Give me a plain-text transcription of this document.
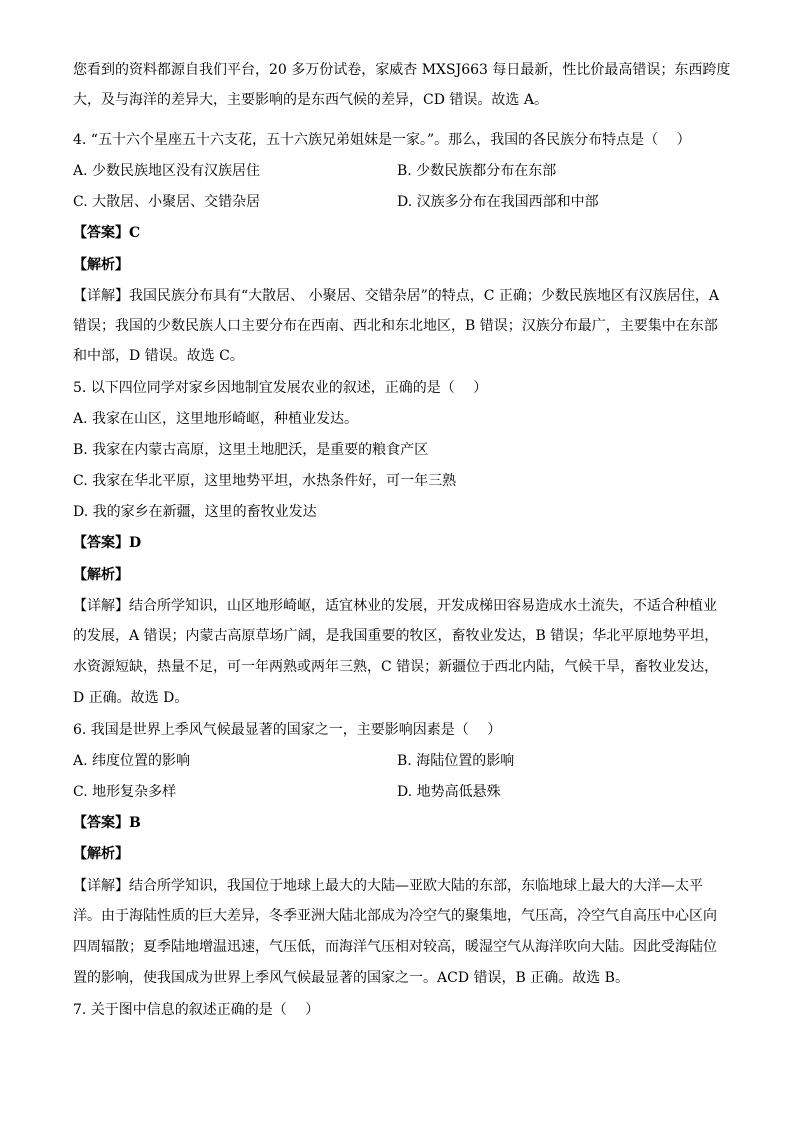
您看到的资料都源自我们平台，20 多万份试卷，家威杏 MXSJ663 每日最新，性比价最高错误；东西跨度
大，及与海洋的差异大，主要影响的是东西气候的差异，CD 错误。故选 A。
4. “五十六个星座五十六支花，五十六族兄弟姐妹是一家。”。那么，我国的各民族分布特点是（　 ）
A. 少数民族地区没有汉族居住	B. 少数民族都分布在东部
C. 大散居、小聚居、交错杂居	D. 汉族多分布在我国西部和中部
【答案】C
【解析】
【详解】我国民族分布具有“大散居、 小聚居、交错杂居”的特点，C 正确；少数民族地区有汉族居住，A
错误；我国的少数民族人口主要分布在西南、西北和东北地区，B 错误；汉族分布最广，主要集中在东部
和中部，D 错误。故选 C。
5. 以下四位同学对家乡因地制宜发展农业的叙述，正确的是（　 ）
A. 我家在山区，这里地形崎岖，种植业发达。
B. 我家在内蒙古高原，这里土地肥沃，是重要的粮食产区
C. 我家在华北平原，这里地势平坦，水热条件好，可一年三熟
D. 我的家乡在新疆，这里的畜牧业发达
【答案】D
【解析】
【详解】结合所学知识，山区地形崎岖，适宜林业的发展，开发成梯田容易造成水土流失，不适合种植业
的发展，A 错误；内蒙古高原草场广阔，是我国重要的牧区，畜牧业发达，B 错误；华北平原地势平坦，
水资源短缺，热量不足，可一年两熟或两年三熟，C 错误；新疆位于西北内陆，气候干旱，畜牧业发达，
D 正确。故选 D。
6. 我国是世界上季风气候最显著的国家之一，主要影响因素是（　 ）
A. 纬度位置的影响	B. 海陆位置的影响
C. 地形复杂多样	D. 地势高低悬殊
【答案】B
【解析】
【详解】结合所学知识，我国位于地球上最大的大陆—亚欧大陆的东部，东临地球上最大的大洋—太平
洋。由于海陆性质的巨大差异，冬季亚洲大陆北部成为冷空气的聚集地，气压高，冷空气自高压中心区向
四周辐散；夏季陆地增温迅速，气压低，而海洋气压相对较高，暖湿空气从海洋吹向大陆。因此受海陆位
置的影响，使我国成为世界上季风气候最显著的国家之一。ACD 错误，B 正确。故选 B。
7. 关于图中信息的叙述正确的是（　 ）
